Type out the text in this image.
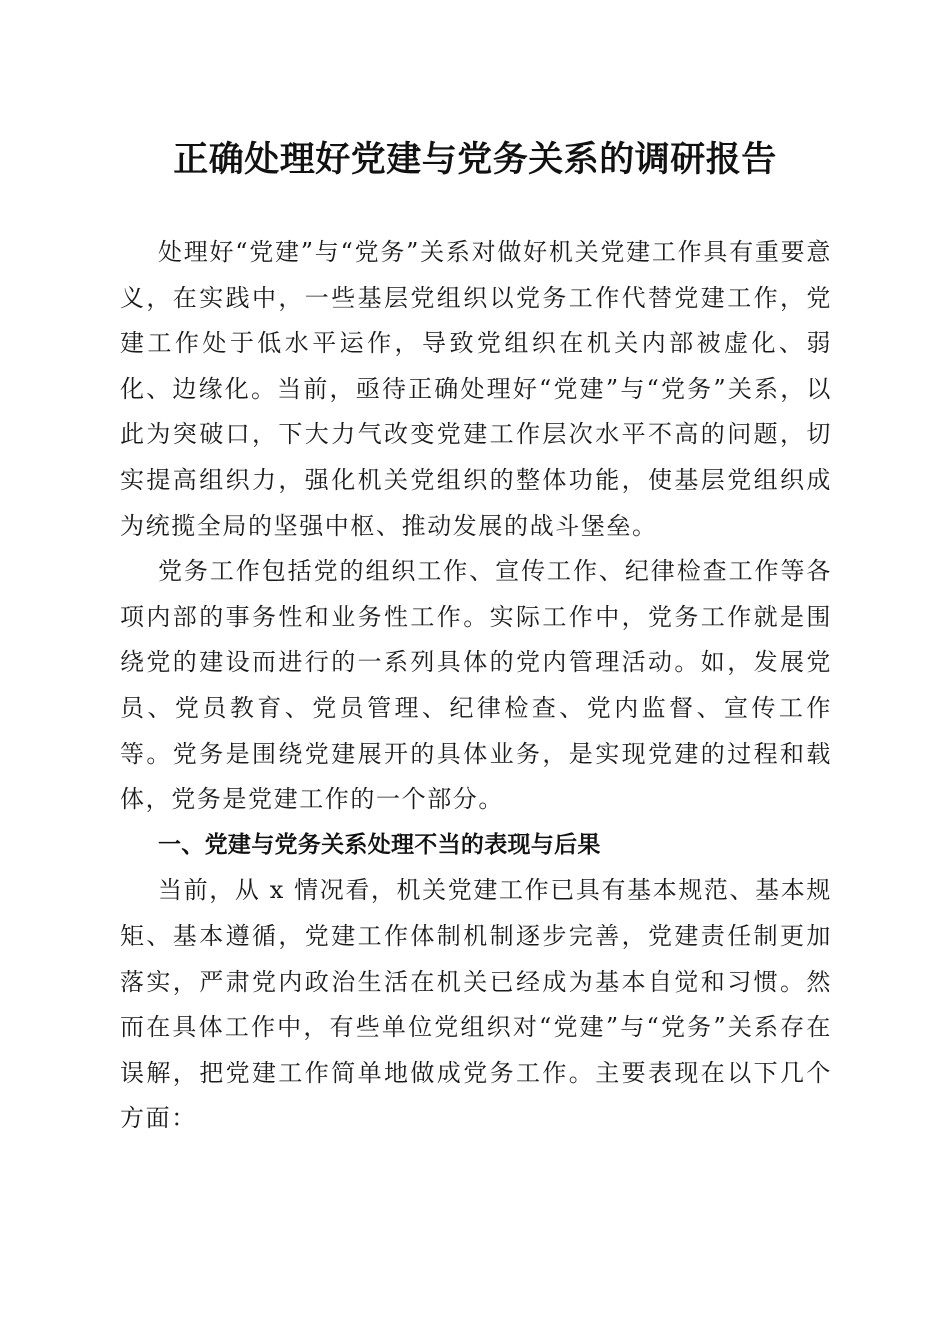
正确处理好党建与党务关系的调研报告

处理好“党建”与“党务”关系对做好机关党建工作具有重要意义，在实践中，一些基层党组织以党务工作代替党建工作，党建工作处于低水平运作，导致党组织在机关内部被虚化、弱化、边缘化。当前，亟待正确处理好“党建”与“党务”关系，以此为突破口，下大力气改变党建工作层次水平不高的问题，切实提高组织力，强化机关党组织的整体功能，使基层党组织成为统揽全局的坚强中枢、推动发展的战斗堡垒。

党务工作包括党的组织工作、宣传工作、纪律检查工作等各项内部的事务性和业务性工作。实际工作中，党务工作就是围绕党的建设而进行的一系列具体的党内管理活动。如，发展党员、党员教育、党员管理、纪律检查、党内监督、宣传工作等。党务是围绕党建展开的具体业务，是实现党建的过程和载体，党务是党建工作的一个部分。

一、党建与党务关系处理不当的表现与后果

当前，从 x 情况看，机关党建工作已具有基本规范、基本规矩、基本遵循，党建工作体制机制逐步完善，党建责任制更加落实，严肃党内政治生活在机关已经成为基本自觉和习惯。然而在具体工作中，有些单位党组织对“党建”与“党务”关系存在误解，把党建工作简单地做成党务工作。主要表现在以下几个方面：
